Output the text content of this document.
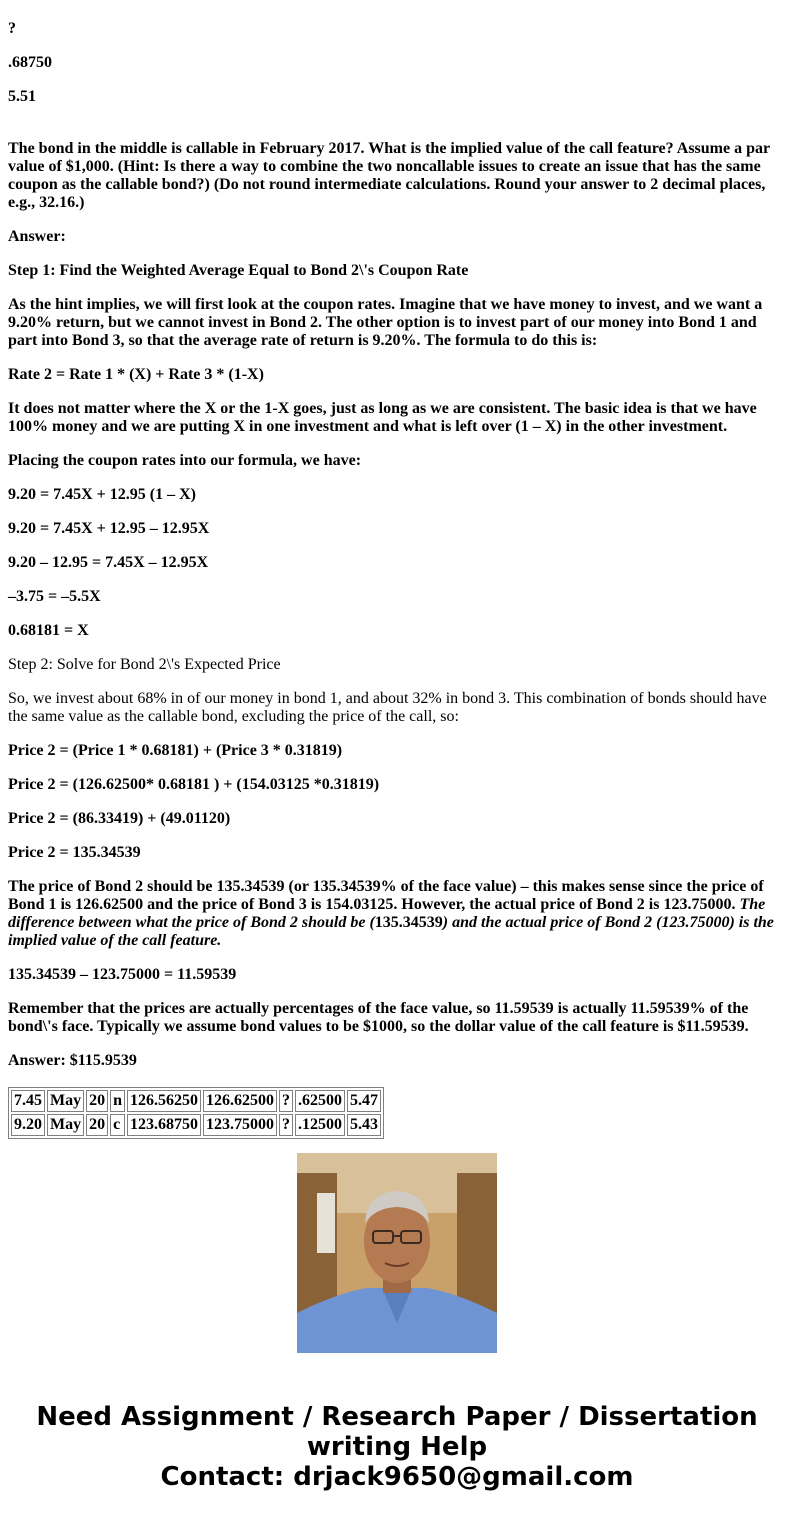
?

.68750

5.51

The bond in the middle is callable in February 2017. What is the implied value of the call feature? Assume a par value of $1,000. (Hint: Is there a way to combine the two noncallable issues to create an issue that has the same coupon as the callable bond?) (Do not round intermediate calculations. Round your answer to 2 decimal places, e.g., 32.16.)

Answer:

Step 1: Find the Weighted Average Equal to Bond 2\'s Coupon Rate

As the hint implies, we will first look at the coupon rates. Imagine that we have money to invest, and we want a 9.20% return, but we cannot invest in Bond 2. The other option is to invest part of our money into Bond 1 and part into Bond 3, so that the average rate of return is 9.20%. The formula to do this is:

Rate 2 = Rate 1 * (X) + Rate 3 * (1-X)

It does not matter where the X or the 1-X goes, just as long as we are consistent. The basic idea is that we have 100% money and we are putting X in one investment and what is left over (1 – X) in the other investment.

Placing the coupon rates into our formula, we have:

9.20 = 7.45X + 12.95 (1 – X)

9.20 = 7.45X + 12.95 – 12.95X

9.20 – 12.95 = 7.45X – 12.95X

–3.75 = –5.5X

0.68181 = X

Step 2: Solve for Bond 2\'s Expected Price

So, we invest about 68% in of our money in bond 1, and about 32% in bond 3. This combination of bonds should have the same value as the callable bond, excluding the price of the call, so:

Price 2 = (Price 1 * 0.68181) + (Price 3 * 0.31819)

Price 2 = (126.62500* 0.68181 ) + (154.03125 *0.31819)

Price 2 = (86.33419) + (49.01120)

Price 2 = 135.34539

The price of Bond 2 should be 135.34539 (or 135.34539% of the face value) – this makes sense since the price of Bond 1 is 126.62500 and the price of Bond 3 is 154.03125. However, the actual price of Bond 2 is 123.75000. The difference between what the price of Bond 2 should be (135.34539) and the actual price of Bond 2 (123.75000) is the implied value of the call feature.

135.34539 – 123.75000 = 11.59539

Remember that the prices are actually percentages of the face value, so 11.59539 is actually 11.59539% of the bond\'s face. Typically we assume bond values to be $1000, so the dollar value of the call feature is $11.59539.

Answer: $115.9539

7.45	May	20	n	126.56250	126.62500	?	.62500	5.47
9.20	May	20	c	123.68750	123.75000	?	.12500	5.43
Need Assignment / Research Paper / Dissertation writing Help
Contact: drjack9650@gmail.com
